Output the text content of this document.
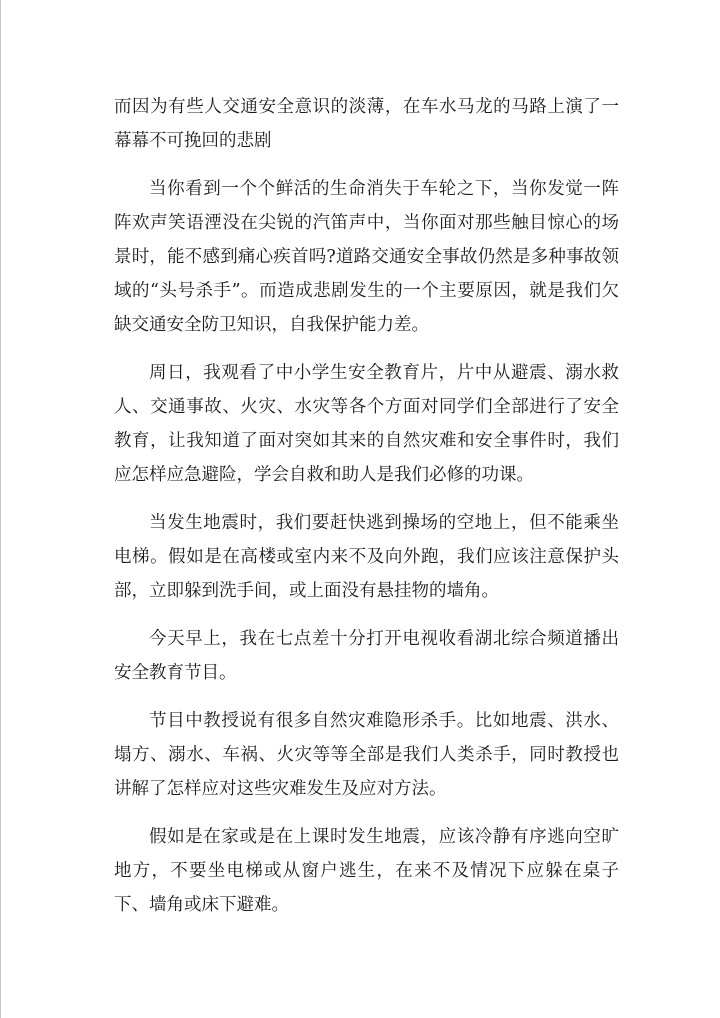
而因为有些人交通安全意识的淡薄，在车水马龙的马路上演了一幕幕不可挽回的悲剧

当你看到一个个鲜活的生命消失于车轮之下，当你发觉一阵阵欢声笑语湮没在尖锐的汽笛声中，当你面对那些触目惊心的场景时，能不感到痛心疾首吗?道路交通安全事故仍然是多种事故领域的“头号杀手”。而造成悲剧发生的一个主要原因，就是我们欠缺交通安全防卫知识，自我保护能力差。

周日，我观看了中小学生安全教育片，片中从避震、溺水救人、交通事故、火灾、水灾等各个方面对同学们全部进行了安全教育，让我知道了面对突如其来的自然灾难和安全事件时，我们应怎样应急避险，学会自救和助人是我们必修的功课。

当发生地震时，我们要赶快逃到操场的空地上，但不能乘坐电梯。假如是在高楼或室内来不及向外跑，我们应该注意保护头部，立即躲到洗手间，或上面没有悬挂物的墙角。

今天早上，我在七点差十分打开电视收看湖北综合频道播出安全教育节目。

节目中教授说有很多自然灾难隐形杀手。比如地震、洪水、塌方、溺水、车祸、火灾等等全部是我们人类杀手，同时教授也讲解了怎样应对这些灾难发生及应对方法。

假如是在家或是在上课时发生地震，应该冷静有序逃向空旷地方，不要坐电梯或从窗户逃生，在来不及情况下应躲在桌子下、墙角或床下避难。
